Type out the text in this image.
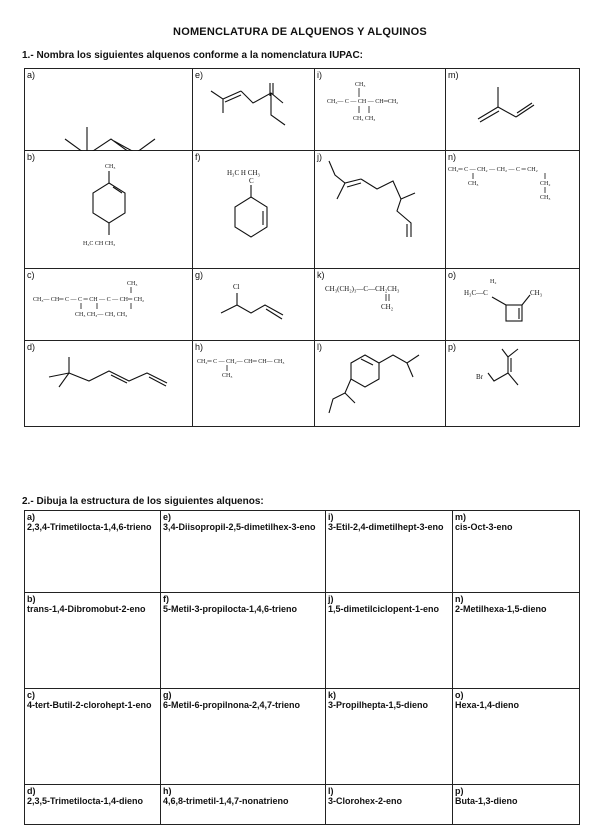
NOMENCLATURA DE ALQUENOS Y ALQUINOS
1.- Nombra los siguientes alquenos conforme a la nomenclatura IUPAC:
a)	e)	i)
CH₃
CH₃— C — CH — CH═CH₂
CH₃ CH₃	m)

b)
CH₃
H₃C CH CH₃	f)
H₃C H CH₃
C	j)	n)
CH₂═ C — CH₂ — CH₂ — C ═ CH₂
CH₃ CH₂
CH₃

c)
CH₃
CH₃— CH═ C — C ═ CH — C — CH═ CH₂
CH₃ CH₃— CH₂ CH₃	g)
Cl	k)
CH₃(CH₂)₃—C—CH₂CH₃
CH₂	o)
H₂
H₃C—C CH₃

d)	h)
CH₂═ C — CH₂— CH═ CH— CH₃
CH₃	l)	p)
Br
2.- Dibuja la estructura de los siguientes alquenos:
a)
2,3,4-Trimetilocta-1,4,6-trieno	e)
3,4-Diisopropil-2,5-dimetilhex-3-eno	i)
3-Etil-2,4-dimetilhept-3-eno	m)
cis-Oct-3-eno

b)
trans-1,4-Dibromobut-2-eno	f)
5-Metil-3-propilocta-1,4,6-trieno	j)
1,5-dimetilciclopent-1-eno	n)
2-Metilhexa-1,5-dieno

c)
4-tert-Butil-2-clorohept-1-eno	g)
6-Metil-6-propilnona-2,4,7-trieno	k)
3-Propilhepta-1,5-dieno	o)
Hexa-1,4-dieno

d)
2,3,5-Trimetilocta-1,4-dieno	h)
4,6,8-trimetil-1,4,7-nonatrieno	l)
3-Clorohex-2-eno	p)
Buta-1,3-dieno
